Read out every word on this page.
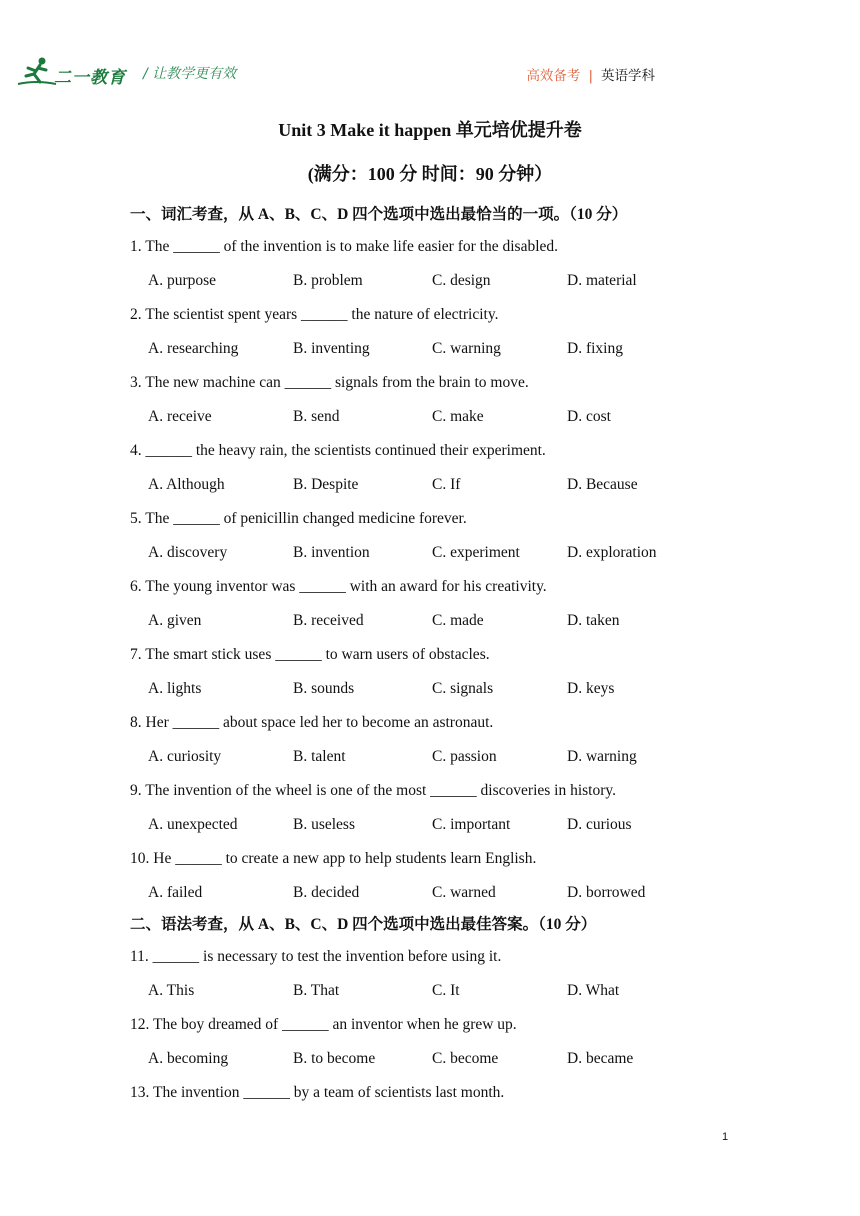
二一教育 / 让教学更有效	高效备考 | 英语学科
Unit 3 Make it happen 单元培优提升卷
(满分：100 分 时间：90 分钟）
一、词汇考查，从 A、B、C、D 四个选项中选出最恰当的一项。（10 分）
1. The ______ of the invention is to make life easier for the disabled.
A. purpose	B. problem	C. design	D. material
2. The scientist spent years ______ the nature of electricity.
A. researching	B. inventing	C. warning	D. fixing
3. The new machine can ______ signals from the brain to move.
A. receive	B. send	C. make	D. cost
4. ______ the heavy rain, the scientists continued their experiment.
A. Although	B. Despite	C. If	D. Because
5. The ______ of penicillin changed medicine forever.
A. discovery	B. invention	C. experiment	D. exploration
6. The young inventor was ______ with an award for his creativity.
A. given	B. received	C. made	D. taken
7. The smart stick uses ______ to warn users of obstacles.
A. lights	B. sounds	C. signals	D. keys
8. Her ______ about space led her to become an astronaut.
A. curiosity	B. talent	C. passion	D. warning
9. The invention of the wheel is one of the most ______ discoveries in history.
A. unexpected	B. useless	C. important	D. curious
10. He ______ to create a new app to help students learn English.
A. failed	B. decided	C. warned	D. borrowed
二、语法考查，从 A、B、C、D 四个选项中选出最佳答案。（10 分）
11. ______ is necessary to test the invention before using it.
A. This	B. That	C. It	D. What
12. The boy dreamed of ______ an inventor when he grew up.
A. becoming	B. to become	C. become	D. became
13. The invention ______ by a team of scientists last month.
1
